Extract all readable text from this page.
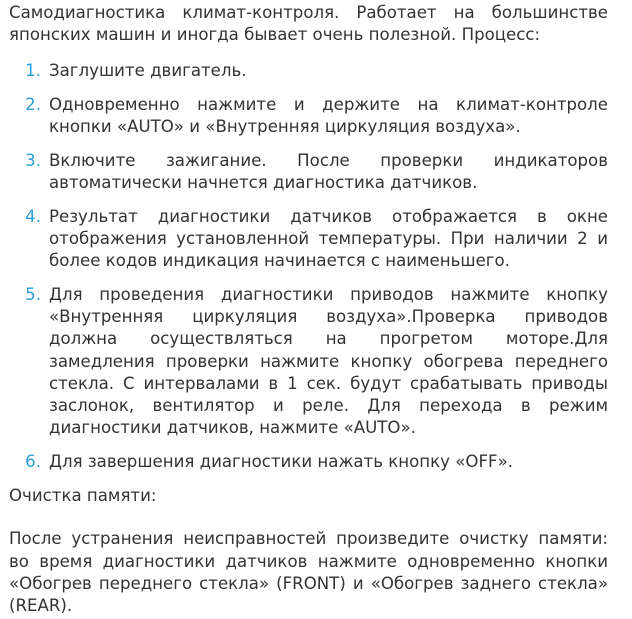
Самодиагностика климат-контроля. Работает на большинстве японских машин и иногда бывает очень полезной. Процесс:

1. Заглушите двигатель.
2. Одновременно нажмите и держите на климат-контроле кнопки «AUTO» и «Внутренняя циркуляция воздуха».
3. Включите зажигание. После проверки индикаторов автоматически начнется диагностика датчиков.
4. Результат диагностики датчиков отображается в окне отображения установленной температуры. При наличии 2 и более кодов индикация начинается с наименьшего.
5. Для проведения диагностики приводов нажмите кнопку «Внутренняя циркуляция воздуха».Проверка приводов должна осуществляться на прогретом моторе.Для замедления проверки нажмите кнопку обогрева переднего стекла. С интервалами в 1 сек. будут срабатывать приводы заслонок, вентилятор и реле. Для перехода в режим диагностики датчиков, нажмите «AUTO».
6. Для завершения диагностики нажать кнопку «OFF».

Очистка памяти:

После устранения неисправностей произведите очистку памяти: во время диагностики датчиков нажмите одновременно кнопки «Обогрев переднего стекла» (FRONT) и «Обогрев заднего стекла» (REAR).
